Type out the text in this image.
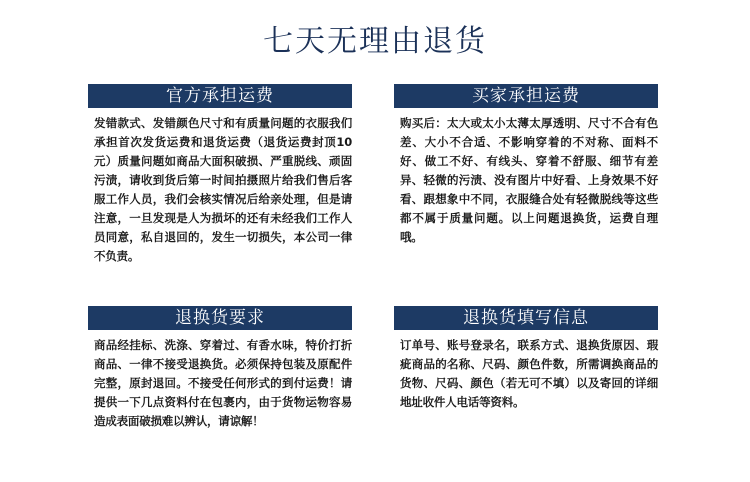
七天无理由退货
官方承担运费
发错款式、发错颜色尺寸和有质量问题的衣服我们承担首次发货运费和退货运费（退货运费封顶10元）质量问题如商品大面积破损、严重脱线、顽固污渍，请收到货后第一时间拍摄照片给我们售后客服工作人员，我们会核实情况后给亲处理，但是请注意，一旦发现是人为损坏的还有未经我们工作人员同意，私自退回的，发生一切损失，本公司一律不负责。
买家承担运费
购买后：太大或太小太薄太厚透明、尺寸不合有色差、大小不合适、不影响穿着的不对称、面料不好、做工不好、有线头、穿着不舒服、细节有差异、轻微的污渍、没有图片中好看、上身效果不好看、跟想象中不同，衣服缝合处有轻微脱线等这些都不属于质量问题。以上问题退换货，运费自理哦。
退换货要求
商品经挂标、洗涤、穿着过、有香水味，特价打折商品、一律不接受退换货。必须保持包装及原配件完整，原封退回。不接受任何形式的到付运费！请提供一下几点资料付在包裹内，由于货物运物容易造成表面破损难以辨认，请谅解！
退换货填写信息
订单号、账号登录名，联系方式、退换货原因、瑕疵商品的名称、尺码、颜色件数，所需调换商品的货物、尺码、颜色（若无可不填）以及寄回的详细地址收件人电话等资料。
